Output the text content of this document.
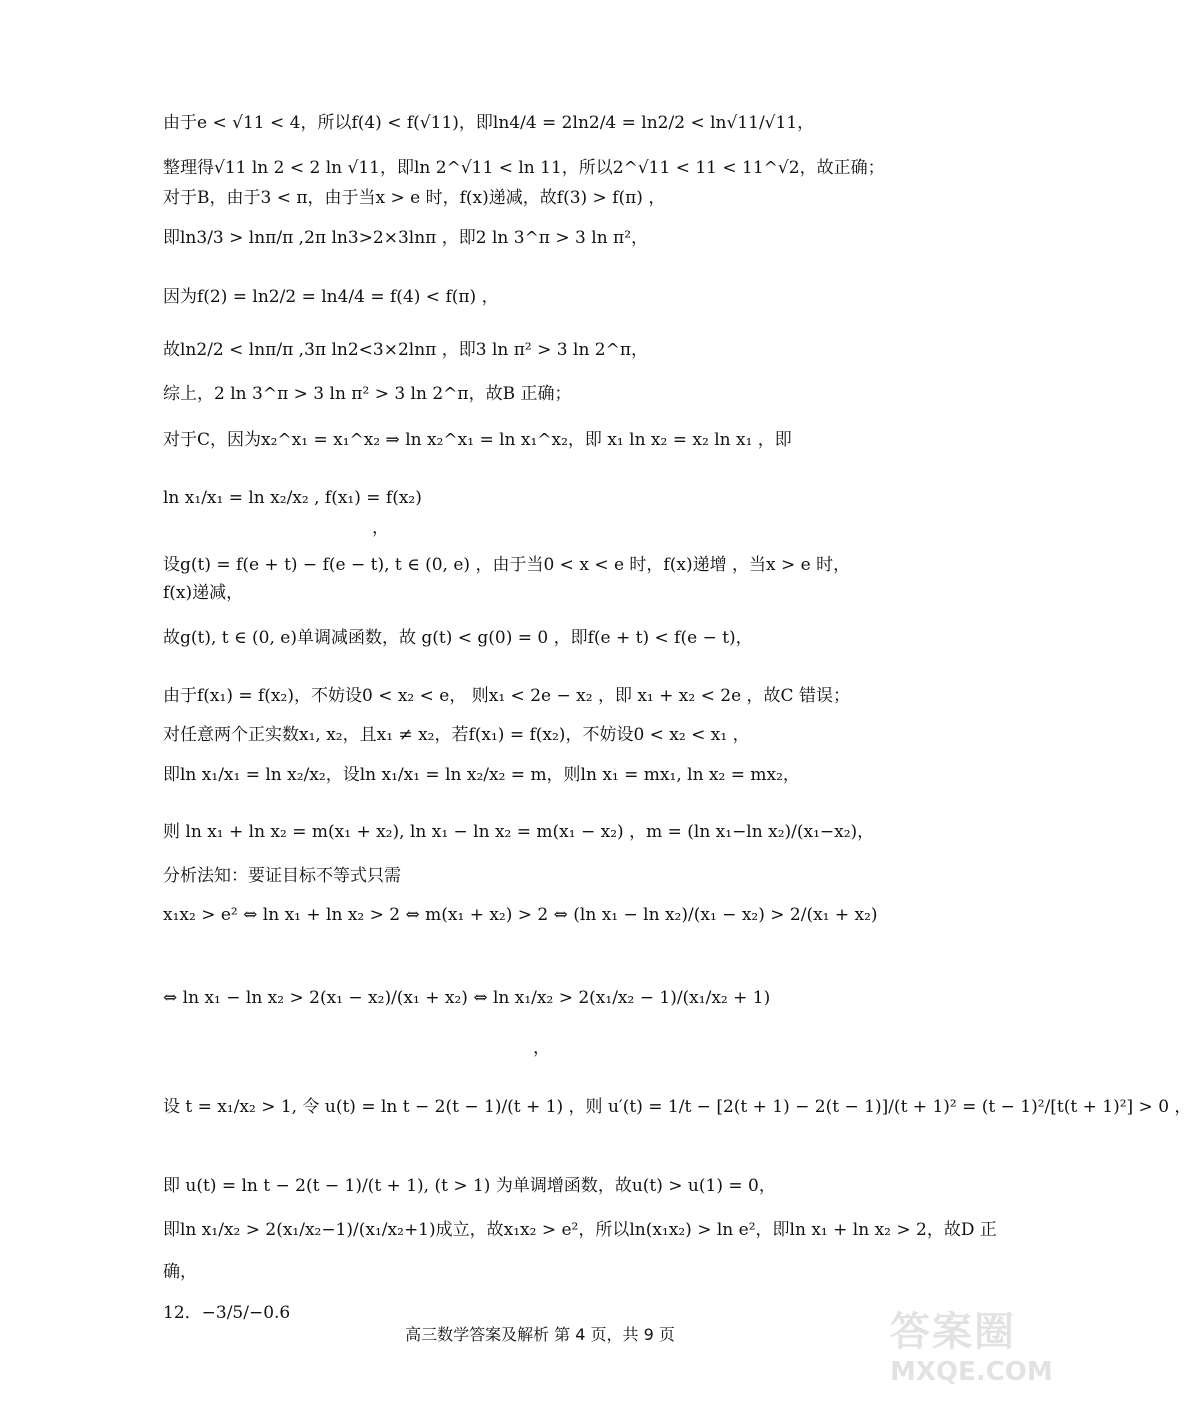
由于e < √11 < 4，所以f(4) < f(√11)，即ln4/4 = 2ln2/4 = ln2/2 < ln√11/√11，
整理得√11 ln 2 < 2 ln √11，即ln 2^√11 < ln 11，所以2^√11 < 11 < 11^√2，故正确；
对于B，由于3 < π，由于当x > e 时，f(x)递减，故f(3) > f(π) ，
即ln3/3 > lnπ/π ,2π ln3>2×3lnπ ，即2 ln 3^π > 3 ln π²，
因为f(2) = ln2/2 = ln4/4 = f(4) < f(π) ，
故ln2/2 < lnπ/π ,3π ln2<3×2lnπ ，即3 ln π² > 3 ln 2^π，
综上，2 ln 3^π > 3 ln π² > 3 ln 2^π，故B 正确；
对于C，因为x₂^x₁ = x₁^x₂ ⇒ ln x₂^x₁ = ln x₁^x₂，即 x₁ ln x₂ = x₂ ln x₁ ，即
ln x₁/x₁ = ln x₂/x₂ , f(x₁) = f(x₂)
，
设g(t) = f(e + t) − f(e − t), t ∈ (0, e) ，由于当0 < x < e 时，f(x)递增 ，当x > e 时，
f(x)递减，
故g(t), t ∈ (0, e)单调减函数，故 g(t) < g(0) = 0 ，即f(e + t) < f(e − t)，
由于f(x₁) = f(x₂)，不妨设0 < x₂ < e， 则x₁ < 2e − x₂ ，即 x₁ + x₂ < 2e ，故C 错误；
对任意两个正实数x₁, x₂，且x₁ ≠ x₂，若f(x₁) = f(x₂)，不妨设0 < x₂ < x₁ ，
即ln x₁/x₁ = ln x₂/x₂，设ln x₁/x₁ = ln x₂/x₂ = m，则ln x₁ = mx₁, ln x₂ = mx₂，
则 ln x₁ + ln x₂ = m(x₁ + x₂), ln x₁ − ln x₂ = m(x₁ − x₂) ，m = (ln x₁−ln x₂)/(x₁−x₂)，
分析法知：要证目标不等式只需
x₁x₂ > e² ⇔ ln x₁ + ln x₂ > 2 ⇔ m(x₁ + x₂) > 2 ⇔ (ln x₁ − ln x₂)/(x₁ − x₂) > 2/(x₁ + x₂)
⇔ ln x₁ − ln x₂ > 2(x₁ − x₂)/(x₁ + x₂) ⇔ ln x₁/x₂ > 2(x₁/x₂ − 1)/(x₁/x₂ + 1)
，
设 t = x₁/x₂ > 1, 令 u(t) = ln t − 2(t − 1)/(t + 1) ，则 u′(t) = 1/t − [2(t + 1) − 2(t − 1)]/(t + 1)² = (t − 1)²/[t(t + 1)²] > 0 ，
即 u(t) = ln t − 2(t − 1)/(t + 1), (t > 1) 为单调增函数，故u(t) > u(1) = 0，
即ln x₁/x₂ > 2(x₁/x₂−1)/(x₁/x₂+1)成立，故x₁x₂ > e²，所以ln(x₁x₂) > ln e²，即ln x₁ + ln x₂ > 2，故D 正
确，
12．−3/5/−0.6
高三数学答案及解析 第 4 页，共 9 页	答案圈
MXQE.COM
